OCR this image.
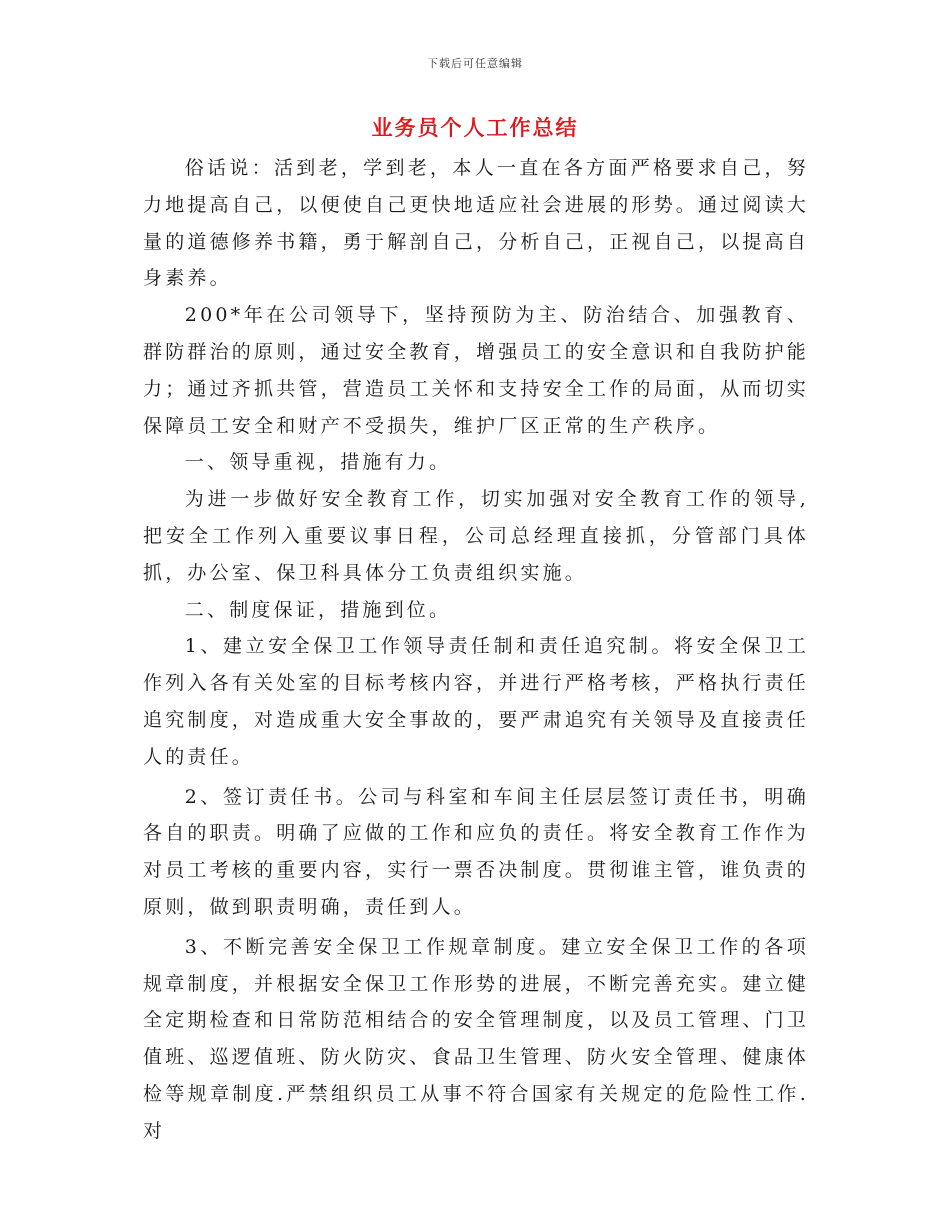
下载后可任意编辑
业务员个人工作总结

俗话说：活到老，学到老，本人一直在各方面严格要求自己，努力地提高自己，以便使自己更快地适应社会进展的形势。通过阅读大量的道德修养书籍，勇于解剖自己，分析自己，正视自己，以提高自身素养。

200*年在公司领导下，坚持预防为主、防治结合、加强教育、群防群治的原则，通过安全教育，增强员工的安全意识和自我防护能力；通过齐抓共管，营造员工关怀和支持安全工作的局面，从而切实保障员工安全和财产不受损失，维护厂区正常的生产秩序。

一、领导重视，措施有力。

为进一步做好安全教育工作，切实加强对安全教育工作的领导,把安全工作列入重要议事日程，公司总经理直接抓，分管部门具体抓，办公室、保卫科具体分工负责组织实施。

二、制度保证，措施到位。

1、建立安全保卫工作领导责任制和责任追究制。将安全保卫工作列入各有关处室的目标考核内容，并进行严格考核，严格执行责任追究制度，对造成重大安全事故的，要严肃追究有关领导及直接责任人的责任。

2、签订责任书。公司与科室和车间主任层层签订责任书，明确各自的职责。明确了应做的工作和应负的责任。将安全教育工作作为对员工考核的重要内容，实行一票否决制度。贯彻谁主管，谁负责的原则，做到职责明确，责任到人。

3、不断完善安全保卫工作规章制度。建立安全保卫工作的各项规章制度，并根据安全保卫工作形势的进展，不断完善充实。建立健全定期检查和日常防范相结合的安全管理制度，以及员工管理、门卫值班、巡逻值班、防火防灾、食品卫生管理、防火安全管理、健康体检等规章制度.严禁组织员工从事不符合国家有关规定的危险性工作.对
